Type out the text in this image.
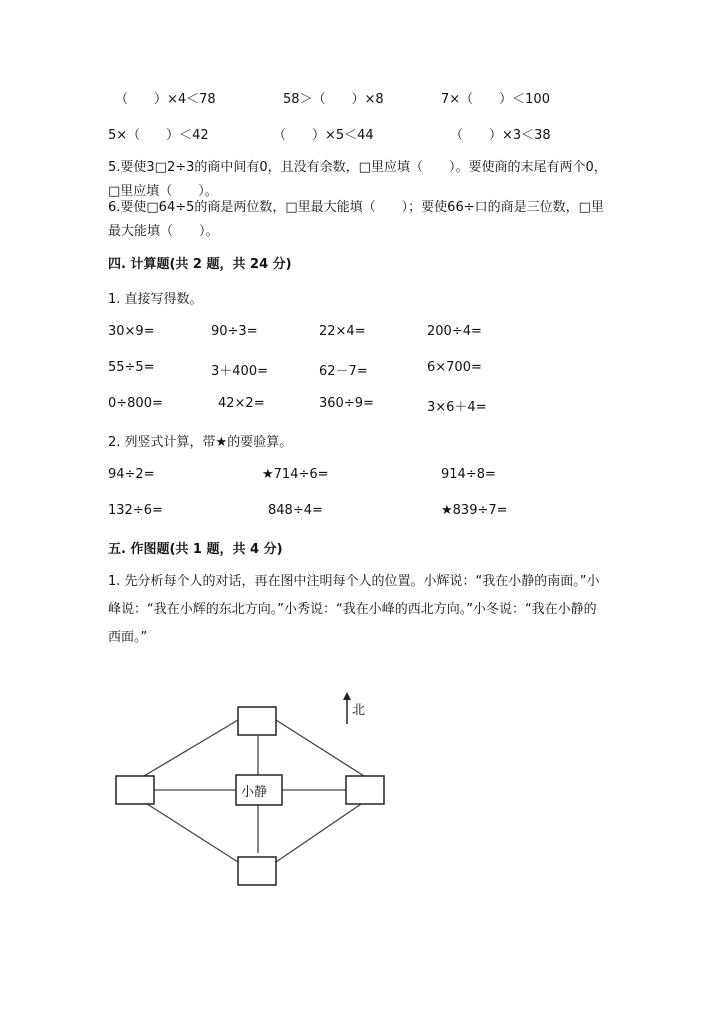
（　　）×4＜78	58＞（　　）×8	7×（　　）＜100
5×（　　）＜42	（　　）×5＜44	（　　）×3＜38
5.要使3□2÷3的商中间有0，且没有余数，□里应填（　　）。要使商的末尾有两个0，□里应填（　　）。
6.要使□64÷5的商是两位数，□里最大能填（　　）；要使66÷口的商是三位数，□里最大能填（　　）。
四. 计算题(共 2 题，共 24 分)
1. 直接写得数。
30×9=	90÷3=	22×4=	200÷4=
55÷5=	3＋400=	62－7=	6×700=
0÷800=	42×2=	360÷9=	3×6＋4=
2. 列竖式计算，带★的要验算。
94÷2=	★714÷6=	914÷8=
132÷6=	848÷4=	★839÷7=
五. 作图题(共 1 题，共 4 分)
1. 先分析每个人的对话，再在图中注明每个人的位置。小辉说：“我在小静的南面。”小峰说：“我在小辉的东北方向。”小秀说：“我在小峰的西北方向。”小冬说：“我在小静的西面。”
小静
北
